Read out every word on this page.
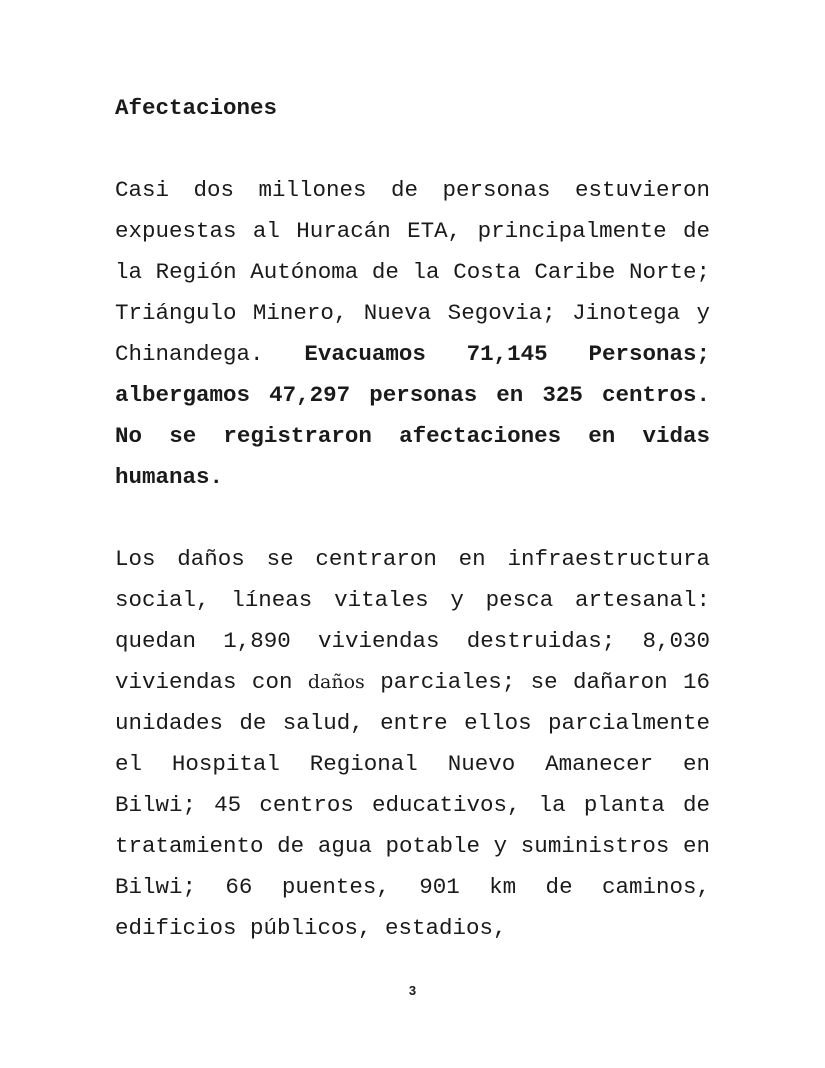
Afectaciones

Casi dos millones de personas estuvieron expuestas al Huracán ETA, principalmente de la Región Autónoma de la Costa Caribe Norte; Triángulo Minero, Nueva Segovia; Jinotega y Chinandega. Evacuamos 71,145 Personas; albergamos 47,297 personas en 325 centros. No se registraron afectaciones en vidas humanas.

Los daños se centraron en infraestructura social, líneas vitales y pesca artesanal: quedan 1,890 viviendas destruidas; 8,030 viviendas con daños parciales; se dañaron 16 unidades de salud, entre ellos parcialmente el Hospital Regional Nuevo Amanecer en Bilwi; 45 centros educativos, la planta de tratamiento de agua potable y suministros en Bilwi; 66 puentes, 901 km de caminos, edificios públicos, estadios,

3
